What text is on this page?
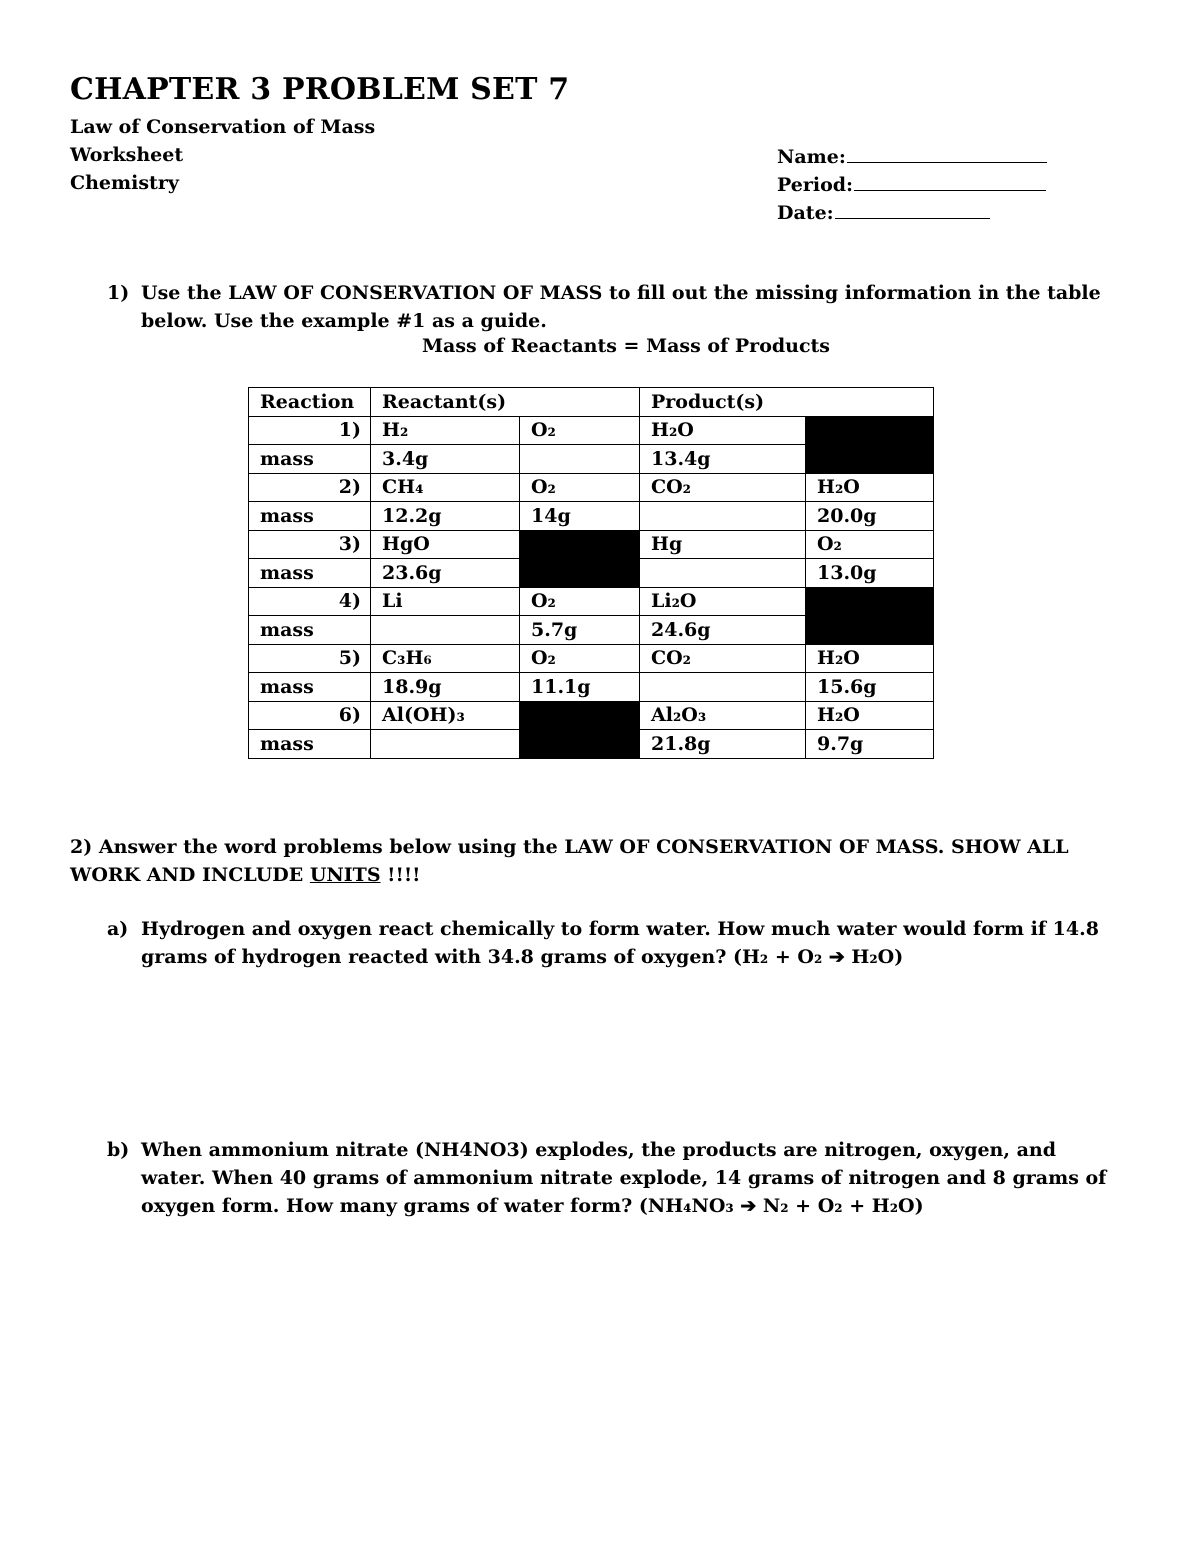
CHAPTER 3 PROBLEM SET 7
Law of Conservation of Mass
Worksheet
Chemistry
Name:
Period:
Date:
1) Use the LAW OF CONSERVATION OF MASS to fill out the missing information in the table below. Use the example #1 as a guide.
Mass of Reactants = Mass of Products
Reaction	Reactant(s)		Product(s)	
1)	H₂	O₂	H₂O	
mass	3.4g		13.4g	
2)	CH₄	O₂	CO₂	H₂O
mass	12.2g	14g		20.0g
3)	HgO		Hg	O₂
mass	23.6g			13.0g
4)	Li	O₂	Li₂O	
mass		5.7g	24.6g	
5)	C₃H₆	O₂	CO₂	H₂O
mass	18.9g	11.1g		15.6g
6)	Al(OH)₃		Al₂O₃	H₂O
mass			21.8g	9.7g
2) Answer the word problems below using the LAW OF CONSERVATION OF MASS. SHOW ALL WORK AND INCLUDE UNITS !!!!
a) Hydrogen and oxygen react chemically to form water. How much water would form if 14.8 grams of hydrogen reacted with 34.8 grams of oxygen? (H₂ + O₂ ➔ H₂O)
b) When ammonium nitrate (NH4NO3) explodes, the products are nitrogen, oxygen, and water. When 40 grams of ammonium nitrate explode, 14 grams of nitrogen and 8 grams of oxygen form. How many grams of water form? (NH₄NO₃ ➔ N₂ + O₂ + H₂O)
